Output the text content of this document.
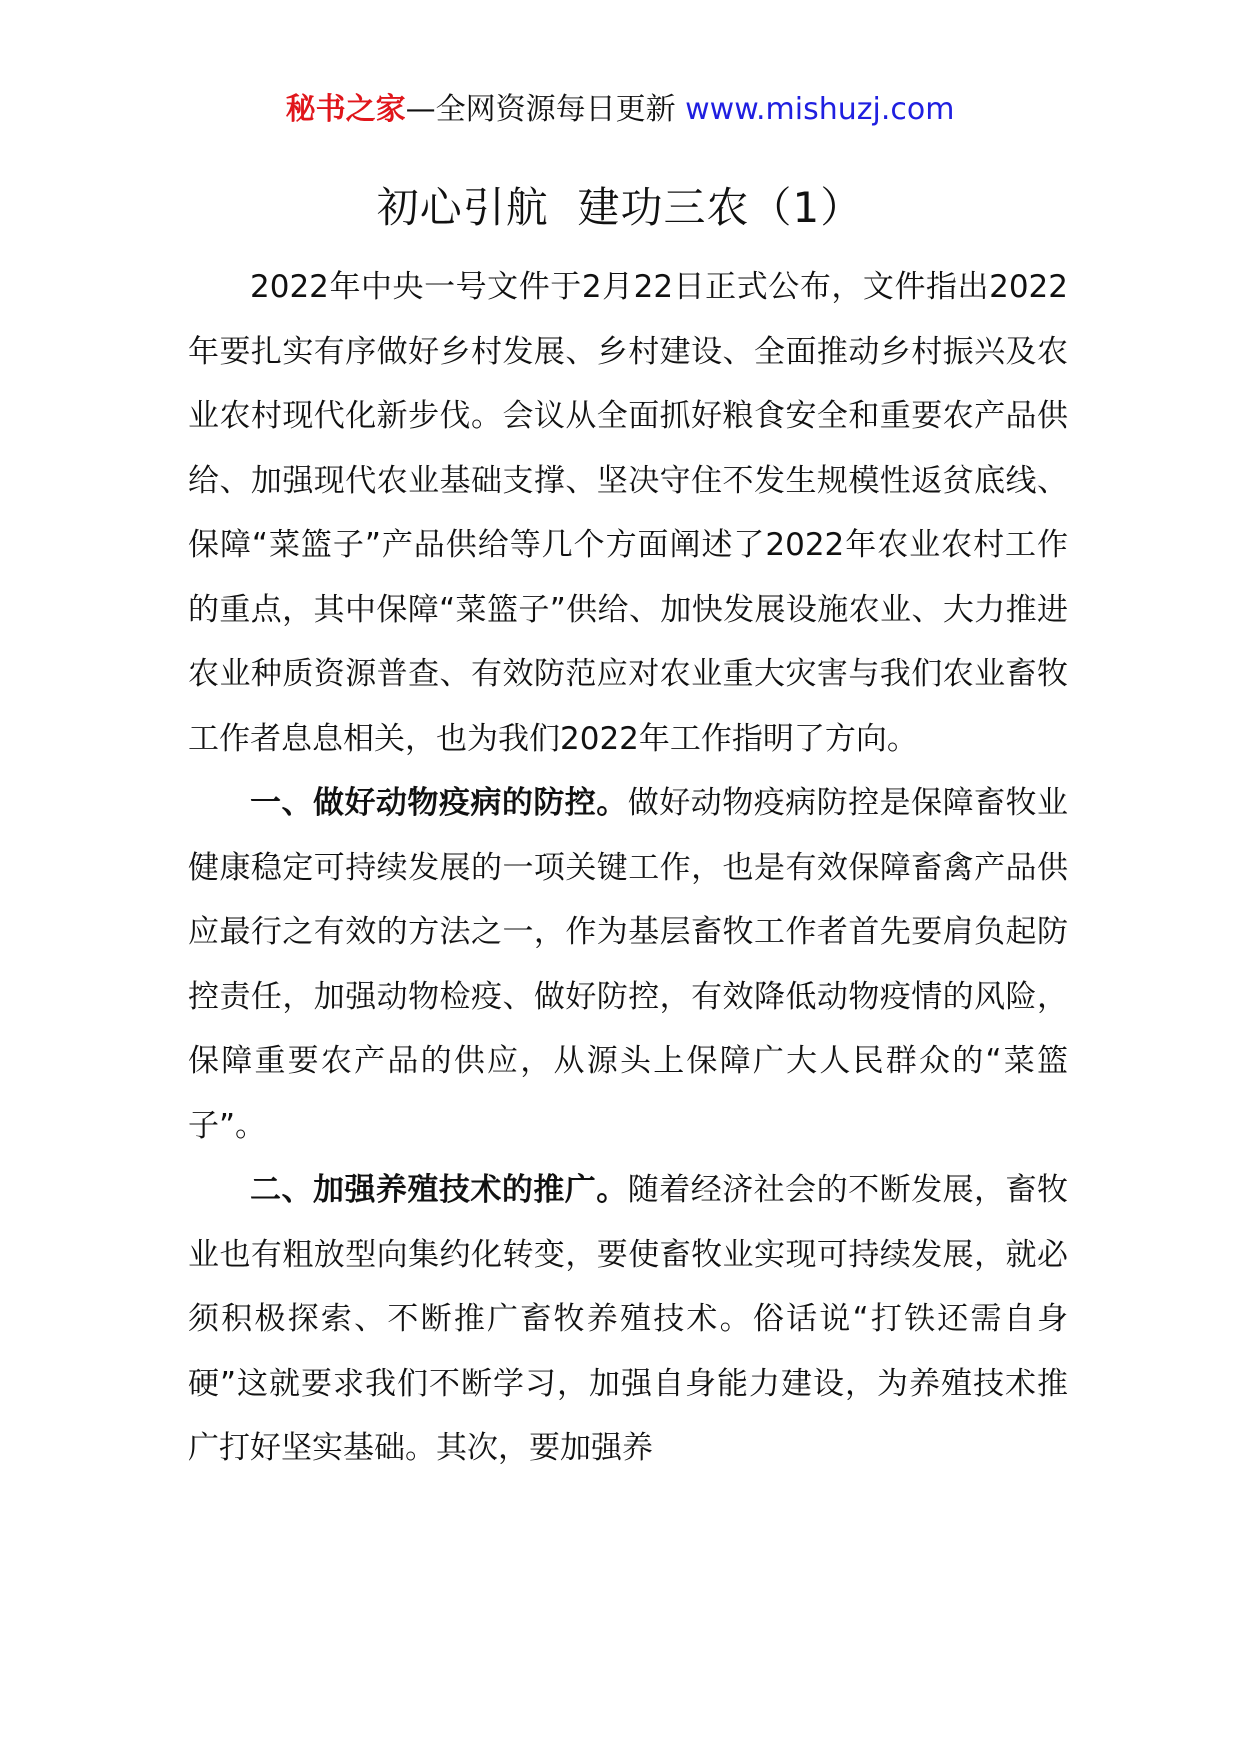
秘书之家—全网资源每日更新 www.mishuzj.com
初心引航  建功三农（1）

2022年中央一号文件于2月22日正式公布，文件指出2022年要扎实有序做好乡村发展、乡村建设、全面推动乡村振兴及农业农村现代化新步伐。会议从全面抓好粮食安全和重要农产品供给、加强现代农业基础支撑、坚决守住不发生规模性返贫底线、保障“菜篮子”产品供给等几个方面阐述了2022年农业农村工作的重点，其中保障“菜篮子”供给、加快发展设施农业、大力推进农业种质资源普查、有效防范应对农业重大灾害与我们农业畜牧工作者息息相关，也为我们2022年工作指明了方向。

一、做好动物疫病的防控。做好动物疫病防控是保障畜牧业健康稳定可持续发展的一项关键工作，也是有效保障畜禽产品供应最行之有效的方法之一，作为基层畜牧工作者首先要肩负起防控责任，加强动物检疫、做好防控，有效降低动物疫情的风险，保障重要农产品的供应，从源头上保障广大人民群众的“菜篮子”。

二、加强养殖技术的推广。随着经济社会的不断发展，畜牧业也有粗放型向集约化转变，要使畜牧业实现可持续发展，就必须积极探索、不断推广畜牧养殖技术。俗话说“打铁还需自身硬”这就要求我们不断学习，加强自身能力建设，为养殖技术推广打好坚实基础。其次，要加强养
